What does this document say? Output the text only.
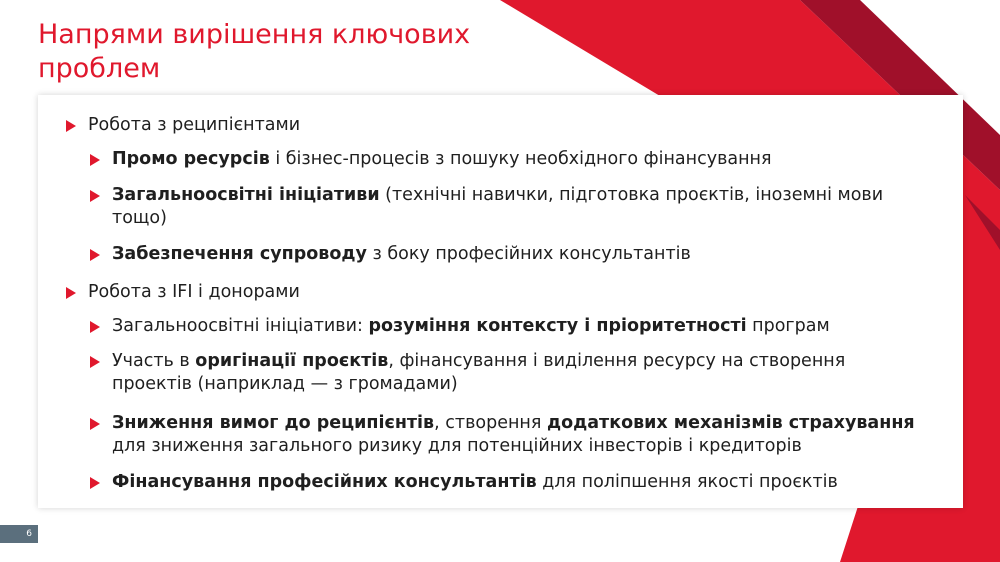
Напрями вирішення ключових проблем
Робота з реципієнтами
Промо ресурсів і бізнес-процесів з пошуку необхідного фінансування
Загальноосвітні ініціативи (технічні навички, підготовка проєктів, іноземні мови тощо)
Забезпечення супроводу з боку професійних консультантів
Робота з IFI і донорами
Загальноосвітні ініціативи: розуміння контексту і пріоритетності програм
Участь в оригінації проєктів, фінансування і виділення ресурсу на створення проектів (наприклад — з громадами)
Зниження вимог до реципієнтів, створення додаткових механізмів страхування для зниження загального ризику для потенційних інвесторів і кредиторів
Фінансування професійних консультантів для поліпшення якості проєктів
6
